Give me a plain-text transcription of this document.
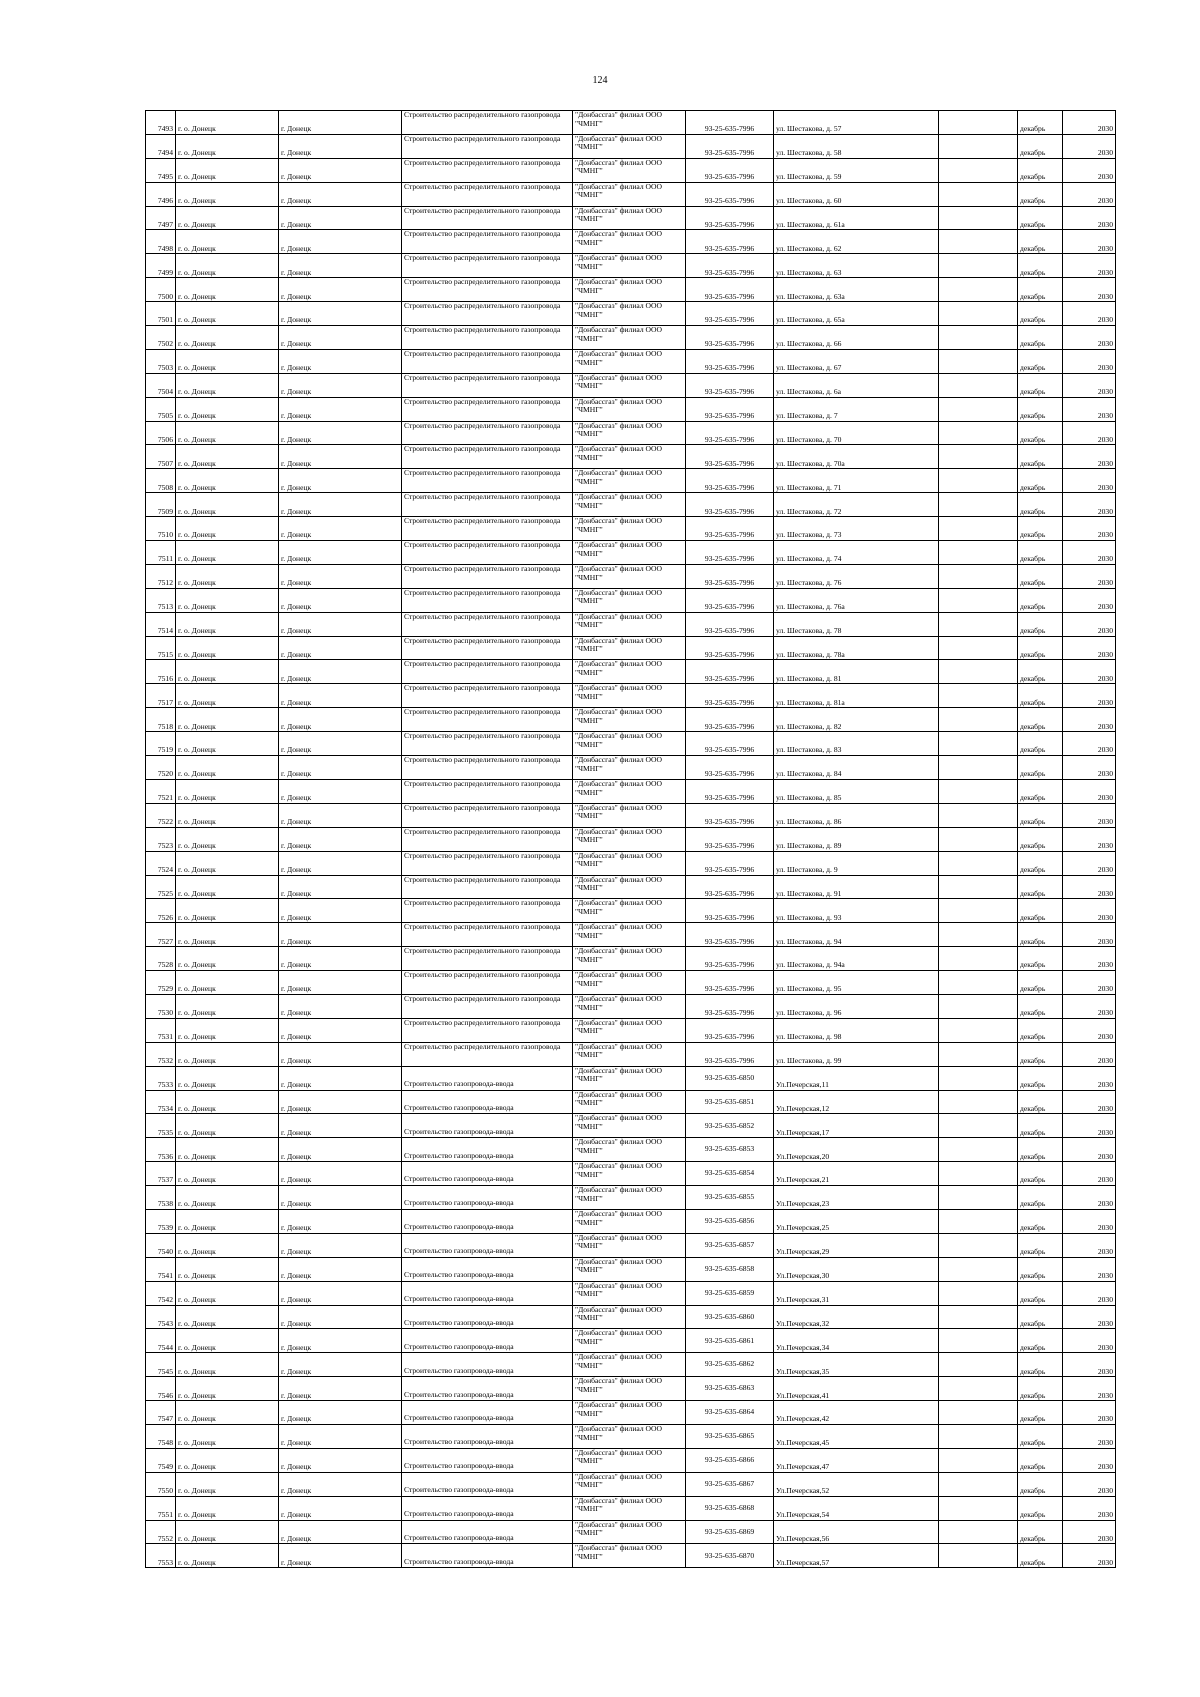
124
7493	г. о. Донецк	г. Донецк	Строительство распределительного газопровода	"Донбассгаз" филиал ООО "ЧМНГ"	93-25-635-7996	ул. Шестакова, д. 57		декабрь	2030
7494	г. о. Донецк	г. Донецк	Строительство распределительного газопровода	"Донбассгаз" филиал ООО "ЧМНГ"	93-25-635-7996	ул. Шестакова, д. 58		декабрь	2030
7495	г. о. Донецк	г. Донецк	Строительство распределительного газопровода	"Донбассгаз" филиал ООО "ЧМНГ"	93-25-635-7996	ул. Шестакова, д. 59		декабрь	2030
7496	г. о. Донецк	г. Донецк	Строительство распределительного газопровода	"Донбассгаз" филиал ООО "ЧМНГ"	93-25-635-7996	ул. Шестакова, д. 60		декабрь	2030
7497	г. о. Донецк	г. Донецк	Строительство распределительного газопровода	"Донбассгаз" филиал ООО "ЧМНГ"	93-25-635-7996	ул. Шестакова, д. 61а		декабрь	2030
7498	г. о. Донецк	г. Донецк	Строительство распределительного газопровода	"Донбассгаз" филиал ООО "ЧМНГ"	93-25-635-7996	ул. Шестакова, д. 62		декабрь	2030
7499	г. о. Донецк	г. Донецк	Строительство распределительного газопровода	"Донбассгаз" филиал ООО "ЧМНГ"	93-25-635-7996	ул. Шестакова, д. 63		декабрь	2030
7500	г. о. Донецк	г. Донецк	Строительство распределительного газопровода	"Донбассгаз" филиал ООО "ЧМНГ"	93-25-635-7996	ул. Шестакова, д. 63а		декабрь	2030
7501	г. о. Донецк	г. Донецк	Строительство распределительного газопровода	"Донбассгаз" филиал ООО "ЧМНГ"	93-25-635-7996	ул. Шестакова, д. 65а		декабрь	2030
7502	г. о. Донецк	г. Донецк	Строительство распределительного газопровода	"Донбассгаз" филиал ООО "ЧМНГ"	93-25-635-7996	ул. Шестакова, д. 66		декабрь	2030
7503	г. о. Донецк	г. Донецк	Строительство распределительного газопровода	"Донбассгаз" филиал ООО "ЧМНГ"	93-25-635-7996	ул. Шестакова, д. 67		декабрь	2030
7504	г. о. Донецк	г. Донецк	Строительство распределительного газопровода	"Донбассгаз" филиал ООО "ЧМНГ"	93-25-635-7996	ул. Шестакова, д. 6а		декабрь	2030
7505	г. о. Донецк	г. Донецк	Строительство распределительного газопровода	"Донбассгаз" филиал ООО "ЧМНГ"	93-25-635-7996	ул. Шестакова, д. 7		декабрь	2030
7506	г. о. Донецк	г. Донецк	Строительство распределительного газопровода	"Донбассгаз" филиал ООО "ЧМНГ"	93-25-635-7996	ул. Шестакова, д. 70		декабрь	2030
7507	г. о. Донецк	г. Донецк	Строительство распределительного газопровода	"Донбассгаз" филиал ООО "ЧМНГ"	93-25-635-7996	ул. Шестакова, д. 70а		декабрь	2030
7508	г. о. Донецк	г. Донецк	Строительство распределительного газопровода	"Донбассгаз" филиал ООО "ЧМНГ"	93-25-635-7996	ул. Шестакова, д. 71		декабрь	2030
7509	г. о. Донецк	г. Донецк	Строительство распределительного газопровода	"Донбассгаз" филиал ООО "ЧМНГ"	93-25-635-7996	ул. Шестакова, д. 72		декабрь	2030
7510	г. о. Донецк	г. Донецк	Строительство распределительного газопровода	"Донбассгаз" филиал ООО "ЧМНГ"	93-25-635-7996	ул. Шестакова, д. 73		декабрь	2030
7511	г. о. Донецк	г. Донецк	Строительство распределительного газопровода	"Донбассгаз" филиал ООО "ЧМНГ"	93-25-635-7996	ул. Шестакова, д. 74		декабрь	2030
7512	г. о. Донецк	г. Донецк	Строительство распределительного газопровода	"Донбассгаз" филиал ООО "ЧМНГ"	93-25-635-7996	ул. Шестакова, д. 76		декабрь	2030
7513	г. о. Донецк	г. Донецк	Строительство распределительного газопровода	"Донбассгаз" филиал ООО "ЧМНГ"	93-25-635-7996	ул. Шестакова, д. 76а		декабрь	2030
7514	г. о. Донецк	г. Донецк	Строительство распределительного газопровода	"Донбассгаз" филиал ООО "ЧМНГ"	93-25-635-7996	ул. Шестакова, д. 78		декабрь	2030
7515	г. о. Донецк	г. Донецк	Строительство распределительного газопровода	"Донбассгаз" филиал ООО "ЧМНГ"	93-25-635-7996	ул. Шестакова, д. 78а		декабрь	2030
7516	г. о. Донецк	г. Донецк	Строительство распределительного газопровода	"Донбассгаз" филиал ООО "ЧМНГ"	93-25-635-7996	ул. Шестакова, д. 81		декабрь	2030
7517	г. о. Донецк	г. Донецк	Строительство распределительного газопровода	"Донбассгаз" филиал ООО "ЧМНГ"	93-25-635-7996	ул. Шестакова, д. 81а		декабрь	2030
7518	г. о. Донецк	г. Донецк	Строительство распределительного газопровода	"Донбассгаз" филиал ООО "ЧМНГ"	93-25-635-7996	ул. Шестакова, д. 82		декабрь	2030
7519	г. о. Донецк	г. Донецк	Строительство распределительного газопровода	"Донбассгаз" филиал ООО "ЧМНГ"	93-25-635-7996	ул. Шестакова, д. 83		декабрь	2030
7520	г. о. Донецк	г. Донецк	Строительство распределительного газопровода	"Донбассгаз" филиал ООО "ЧМНГ"	93-25-635-7996	ул. Шестакова, д. 84		декабрь	2030
7521	г. о. Донецк	г. Донецк	Строительство распределительного газопровода	"Донбассгаз" филиал ООО "ЧМНГ"	93-25-635-7996	ул. Шестакова, д. 85		декабрь	2030
7522	г. о. Донецк	г. Донецк	Строительство распределительного газопровода	"Донбассгаз" филиал ООО "ЧМНГ"	93-25-635-7996	ул. Шестакова, д. 86		декабрь	2030
7523	г. о. Донецк	г. Донецк	Строительство распределительного газопровода	"Донбассгаз" филиал ООО "ЧМНГ"	93-25-635-7996	ул. Шестакова, д. 89		декабрь	2030
7524	г. о. Донецк	г. Донецк	Строительство распределительного газопровода	"Донбассгаз" филиал ООО "ЧМНГ"	93-25-635-7996	ул. Шестакова, д. 9		декабрь	2030
7525	г. о. Донецк	г. Донецк	Строительство распределительного газопровода	"Донбассгаз" филиал ООО "ЧМНГ"	93-25-635-7996	ул. Шестакова, д. 91		декабрь	2030
7526	г. о. Донецк	г. Донецк	Строительство распределительного газопровода	"Донбассгаз" филиал ООО "ЧМНГ"	93-25-635-7996	ул. Шестакова, д. 93		декабрь	2030
7527	г. о. Донецк	г. Донецк	Строительство распределительного газопровода	"Донбассгаз" филиал ООО "ЧМНГ"	93-25-635-7996	ул. Шестакова, д. 94		декабрь	2030
7528	г. о. Донецк	г. Донецк	Строительство распределительного газопровода	"Донбассгаз" филиал ООО "ЧМНГ"	93-25-635-7996	ул. Шестакова, д. 94а		декабрь	2030
7529	г. о. Донецк	г. Донецк	Строительство распределительного газопровода	"Донбассгаз" филиал ООО "ЧМНГ"	93-25-635-7996	ул. Шестакова, д. 95		декабрь	2030
7530	г. о. Донецк	г. Донецк	Строительство распределительного газопровода	"Донбассгаз" филиал ООО "ЧМНГ"	93-25-635-7996	ул. Шестакова, д. 96		декабрь	2030
7531	г. о. Донецк	г. Донецк	Строительство распределительного газопровода	"Донбассгаз" филиал ООО "ЧМНГ"	93-25-635-7996	ул. Шестакова, д. 98		декабрь	2030
7532	г. о. Донецк	г. Донецк	Строительство распределительного газопровода	"Донбассгаз" филиал ООО "ЧМНГ"	93-25-635-7996	ул. Шестакова, д. 99		декабрь	2030
7533	г. о. Донецк	г. Донецк	Строительство газопровода-ввода	"Донбассгаз" филиал ООО "ЧМНГ"	93-25-635-6850	Ул.Печерская,11		декабрь	2030
7534	г. о. Донецк	г. Донецк	Строительство газопровода-ввода	"Донбассгаз" филиал ООО "ЧМНГ"	93-25-635-6851	Ул.Печерская,12		декабрь	2030
7535	г. о. Донецк	г. Донецк	Строительство газопровода-ввода	"Донбассгаз" филиал ООО "ЧМНГ"	93-25-635-6852	Ул.Печерская,17		декабрь	2030
7536	г. о. Донецк	г. Донецк	Строительство газопровода-ввода	"Донбассгаз" филиал ООО "ЧМНГ"	93-25-635-6853	Ул.Печерская,20		декабрь	2030
7537	г. о. Донецк	г. Донецк	Строительство газопровода-ввода	"Донбассгаз" филиал ООО "ЧМНГ"	93-25-635-6854	Ул.Печерская,21		декабрь	2030
7538	г. о. Донецк	г. Донецк	Строительство газопровода-ввода	"Донбассгаз" филиал ООО "ЧМНГ"	93-25-635-6855	Ул.Печерская,23		декабрь	2030
7539	г. о. Донецк	г. Донецк	Строительство газопровода-ввода	"Донбассгаз" филиал ООО "ЧМНГ"	93-25-635-6856	Ул.Печерская,25		декабрь	2030
7540	г. о. Донецк	г. Донецк	Строительство газопровода-ввода	"Донбассгаз" филиал ООО "ЧМНГ"	93-25-635-6857	Ул.Печерская,29		декабрь	2030
7541	г. о. Донецк	г. Донецк	Строительство газопровода-ввода	"Донбассгаз" филиал ООО "ЧМНГ"	93-25-635-6858	Ул.Печерская,30		декабрь	2030
7542	г. о. Донецк	г. Донецк	Строительство газопровода-ввода	"Донбассгаз" филиал ООО "ЧМНГ"	93-25-635-6859	Ул.Печерская,31		декабрь	2030
7543	г. о. Донецк	г. Донецк	Строительство газопровода-ввода	"Донбассгаз" филиал ООО "ЧМНГ"	93-25-635-6860	Ул.Печерская,32		декабрь	2030
7544	г. о. Донецк	г. Донецк	Строительство газопровода-ввода	"Донбассгаз" филиал ООО "ЧМНГ"	93-25-635-6861	Ул.Печерская,34		декабрь	2030
7545	г. о. Донецк	г. Донецк	Строительство газопровода-ввода	"Донбассгаз" филиал ООО "ЧМНГ"	93-25-635-6862	Ул.Печерская,35		декабрь	2030
7546	г. о. Донецк	г. Донецк	Строительство газопровода-ввода	"Донбассгаз" филиал ООО "ЧМНГ"	93-25-635-6863	Ул.Печерская,41		декабрь	2030
7547	г. о. Донецк	г. Донецк	Строительство газопровода-ввода	"Донбассгаз" филиал ООО "ЧМНГ"	93-25-635-6864	Ул.Печерская,42		декабрь	2030
7548	г. о. Донецк	г. Донецк	Строительство газопровода-ввода	"Донбассгаз" филиал ООО "ЧМНГ"	93-25-635-6865	Ул.Печерская,45		декабрь	2030
7549	г. о. Донецк	г. Донецк	Строительство газопровода-ввода	"Донбассгаз" филиал ООО "ЧМНГ"	93-25-635-6866	Ул.Печерская,47		декабрь	2030
7550	г. о. Донецк	г. Донецк	Строительство газопровода-ввода	"Донбассгаз" филиал ООО "ЧМНГ"	93-25-635-6867	Ул.Печерская,52		декабрь	2030
7551	г. о. Донецк	г. Донецк	Строительство газопровода-ввода	"Донбассгаз" филиал ООО "ЧМНГ"	93-25-635-6868	Ул.Печерская,54		декабрь	2030
7552	г. о. Донецк	г. Донецк	Строительство газопровода-ввода	"Донбассгаз" филиал ООО "ЧМНГ"	93-25-635-6869	Ул.Печерская,56		декабрь	2030
7553	г. о. Донецк	г. Донецк	Строительство газопровода-ввода	"Донбассгаз" филиал ООО "ЧМНГ"	93-25-635-6870	Ул.Печерская,57		декабрь	2030
